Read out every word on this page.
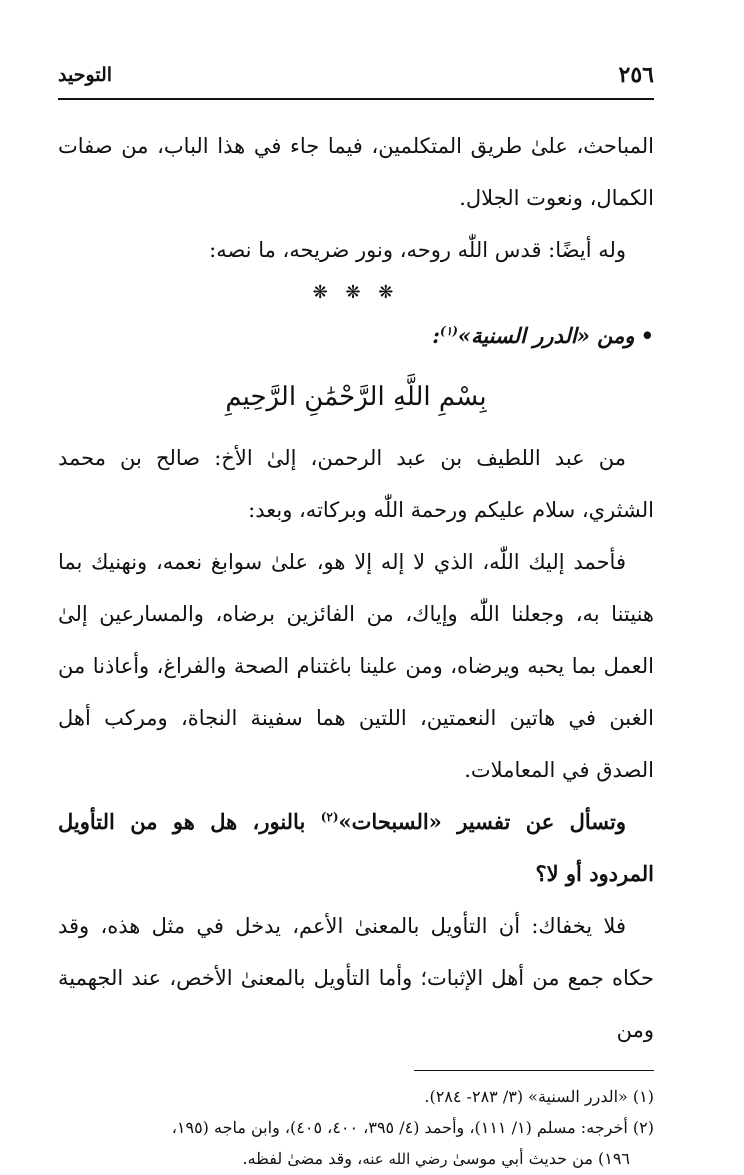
٢٥٦
التوحيد

المباحث، علىٰ طريق المتكلمين، فيما جاء في هذا الباب، من صفات الكمال، ونعوت الجلال.

وله أيضًا: قدس اللّٰه روحه، ونور ضريحه، ما نصه:

❋ ❋ ❋

•ومن «الدرر السنية»$^{(١)}$:

بِسْمِ اللَّهِ الرَّحْمَٰنِ الرَّحِيمِ

من عبد اللطيف بن عبد الرحمن، إلىٰ الأخ: صالح بن محمد الشثري، سلام عليكم ورحمة اللّٰه وبركاته، وبعد:

فأحمد إليك اللّٰه، الذي لا إله إلا هو، علىٰ سوابغ نعمه، ونهنيك بما هنيتنا به، وجعلنا اللّٰه وإياك، من الفائزين برضاه، والمسارعين إلىٰ العمل بما يحبه ويرضاه، ومن علينا باغتنام الصحة والفراغ، وأعاذنا من الغبن في هاتين النعمتين، اللتين هما سفينة النجاة، ومركب أهل الصدق في المعاملات.

وتسأل عن تفسير «السبحات»$^{(٢)}$ بالنور، هل هو من التأويل المردود أو لا؟

فلا يخفاك: أن التأويل بالمعنىٰ الأعم، يدخل في مثل هذه، وقد حكاه جمع من أهل الإثبات؛ وأما التأويل بالمعنىٰ الأخص، عند الجهمية ومن

(١) «الدرر السنية» (٣/ ٢٨٣- ٢٨٤).

(٢) أخرجه: مسلم (١/ ١١١)، وأحمد (٤/ ٣٩٥، ٤٠٠، ٤٠٥)، وابن ماجه (١٩٥،

١٩٦) من حديث أبي موسىٰ رضي الله عنه، وقد مضىٰ لفظه.
